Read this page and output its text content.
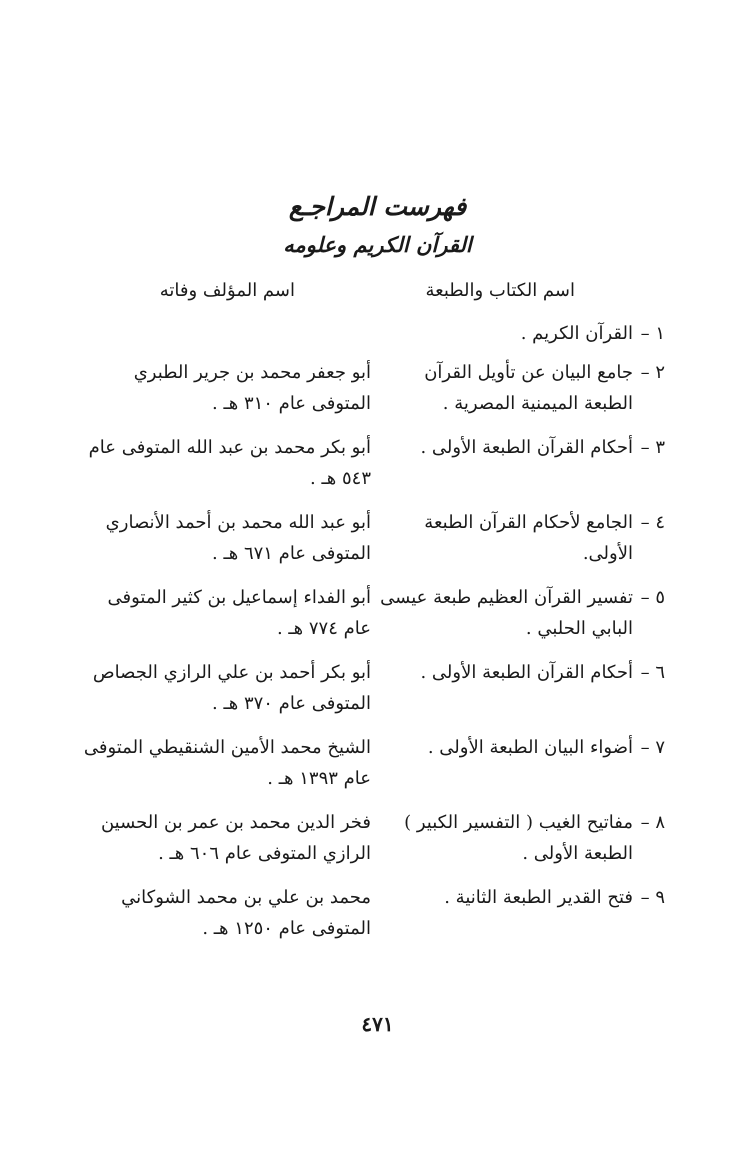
فهرست المراجـع
القرآن الكريم وعلومه
اسم الكتاب والطبعة
اسم المؤلف وفاته
١ –
القرآن الكريم .
٢ –
جامع البيان عن تأويل القرآن الطبعة الميمنية المصرية .
أبو جعفر محمد بن جرير الطبري المتوفى عام ٣١٠ هـ .
٣ –
أحكام القرآن الطبعة الأولى .
أبو بكر محمد بن عبد الله المتوفى عام ٥٤٣ هـ .
٤ –
الجامع لأحكام القرآن الطبعة الأولى.
أبو عبد الله محمد بن أحمد الأنصاري المتوفى عام ٦٧١ هـ .
٥ –
تفسير القرآن العظيم طبعة عيسى البابي الحلبي .
أبو الفداء إسماعيل بن كثير المتوفى عام ٧٧٤ هـ .
٦ –
أحكام القرآن الطبعة الأولى .
أبو بكر أحمد بن علي الرازي الجصاص المتوفى عام ٣٧٠ هـ .
٧ –
أضواء البيان الطبعة الأولى .
الشيخ محمد الأمين الشنقيطي المتوفى عام ١٣٩٣ هـ .
٨ –
مفاتيح الغيب ( التفسير الكبير ) الطبعة الأولى .
فخر الدين محمد بن عمر بن الحسين الرازي المتوفى عام ٦٠٦ هـ .
٩ –
فتح القدير الطبعة الثانية .
محمد بن علي بن محمد الشوكاني المتوفى عام ١٢٥٠ هـ .
٤٧١
